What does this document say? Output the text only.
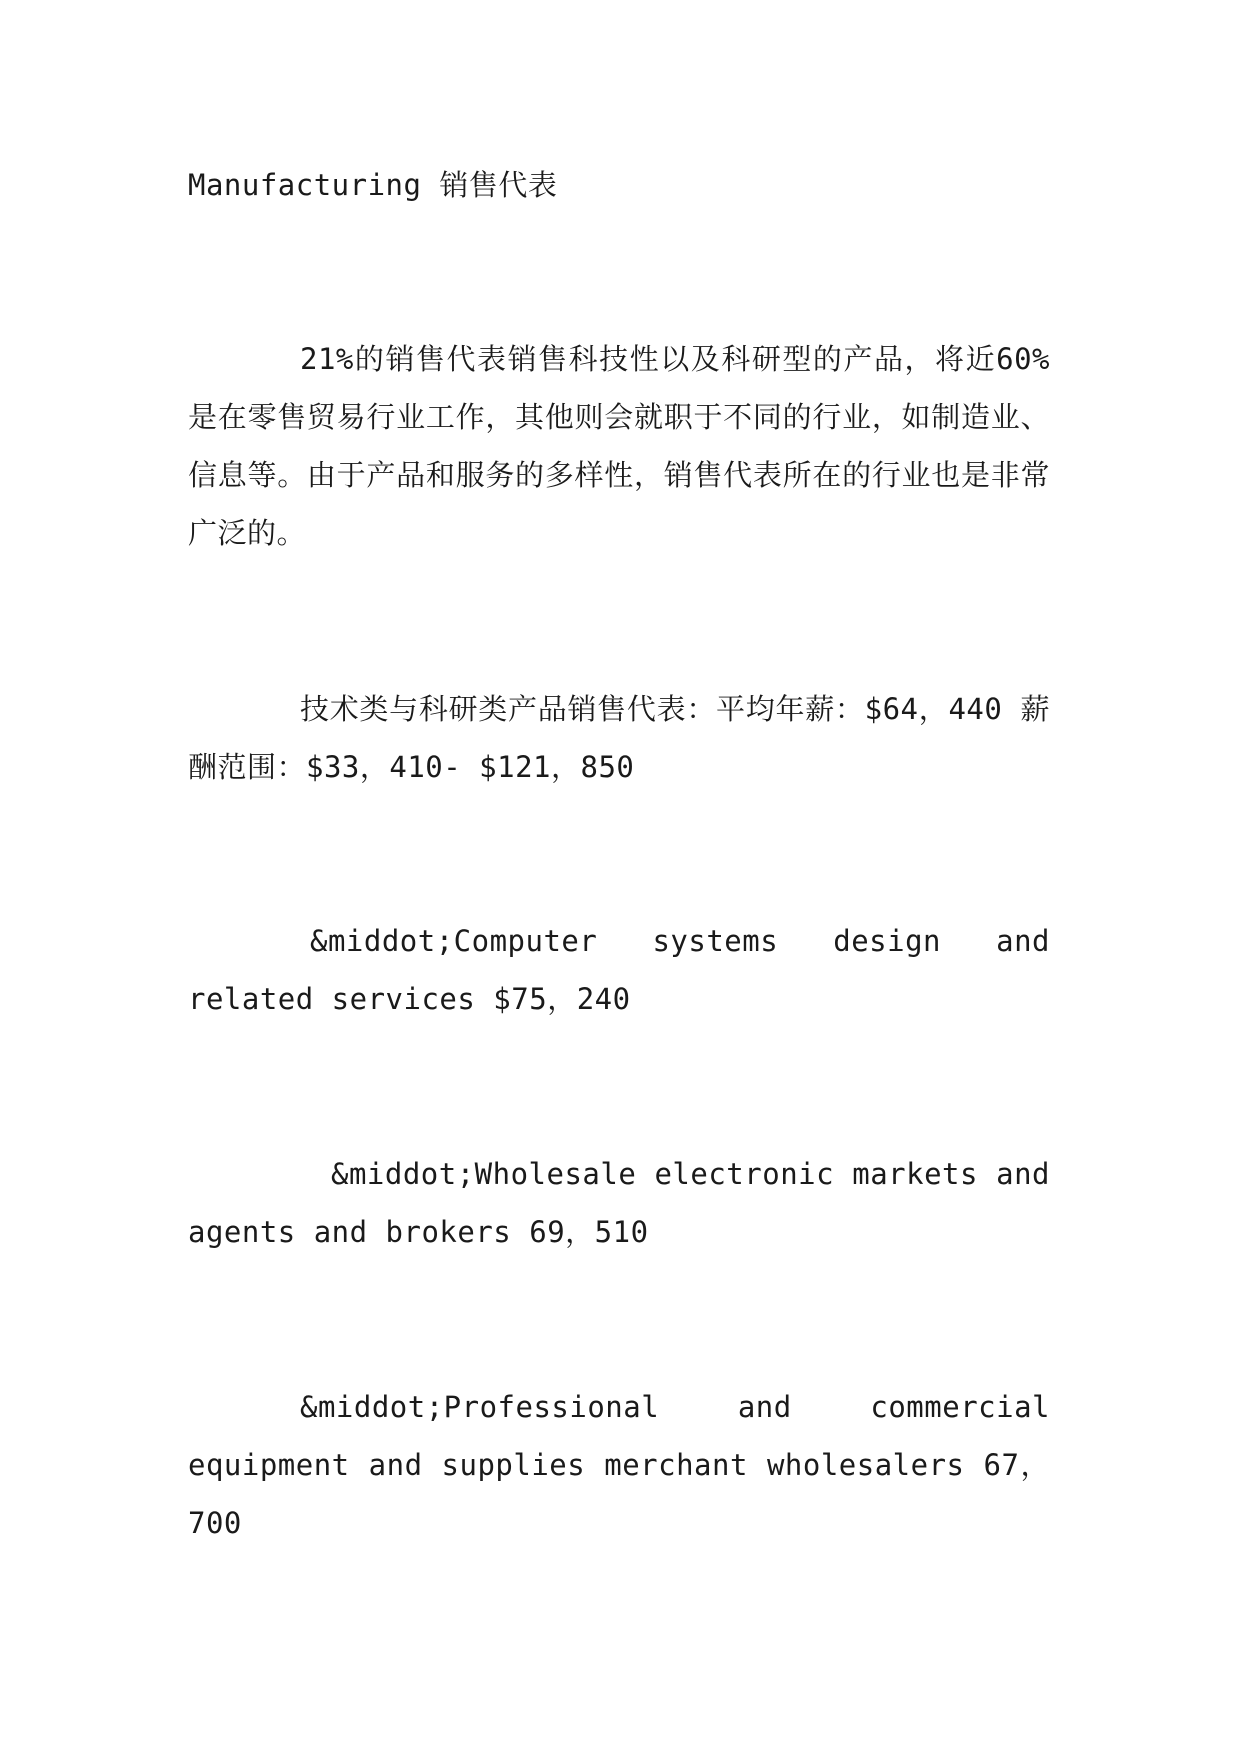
Manufacturing 销售代表

21%的销售代表销售科技性以及科研型的产品，将近60%是在零售贸易行业工作，其他则会就职于不同的行业，如制造业、信息等。由于产品和服务的多样性，销售代表所在的行业也是非常广泛的。

技术类与科研类产品销售代表：平均年薪：$64，440 薪酬范围：$33，410- $121，850

&middot;Computer systems design and related services $75，240

&middot;Wholesale electronic markets and agents and brokers 69，510

&middot;Professional and commercial equipment and supplies merchant wholesalers 67，700
